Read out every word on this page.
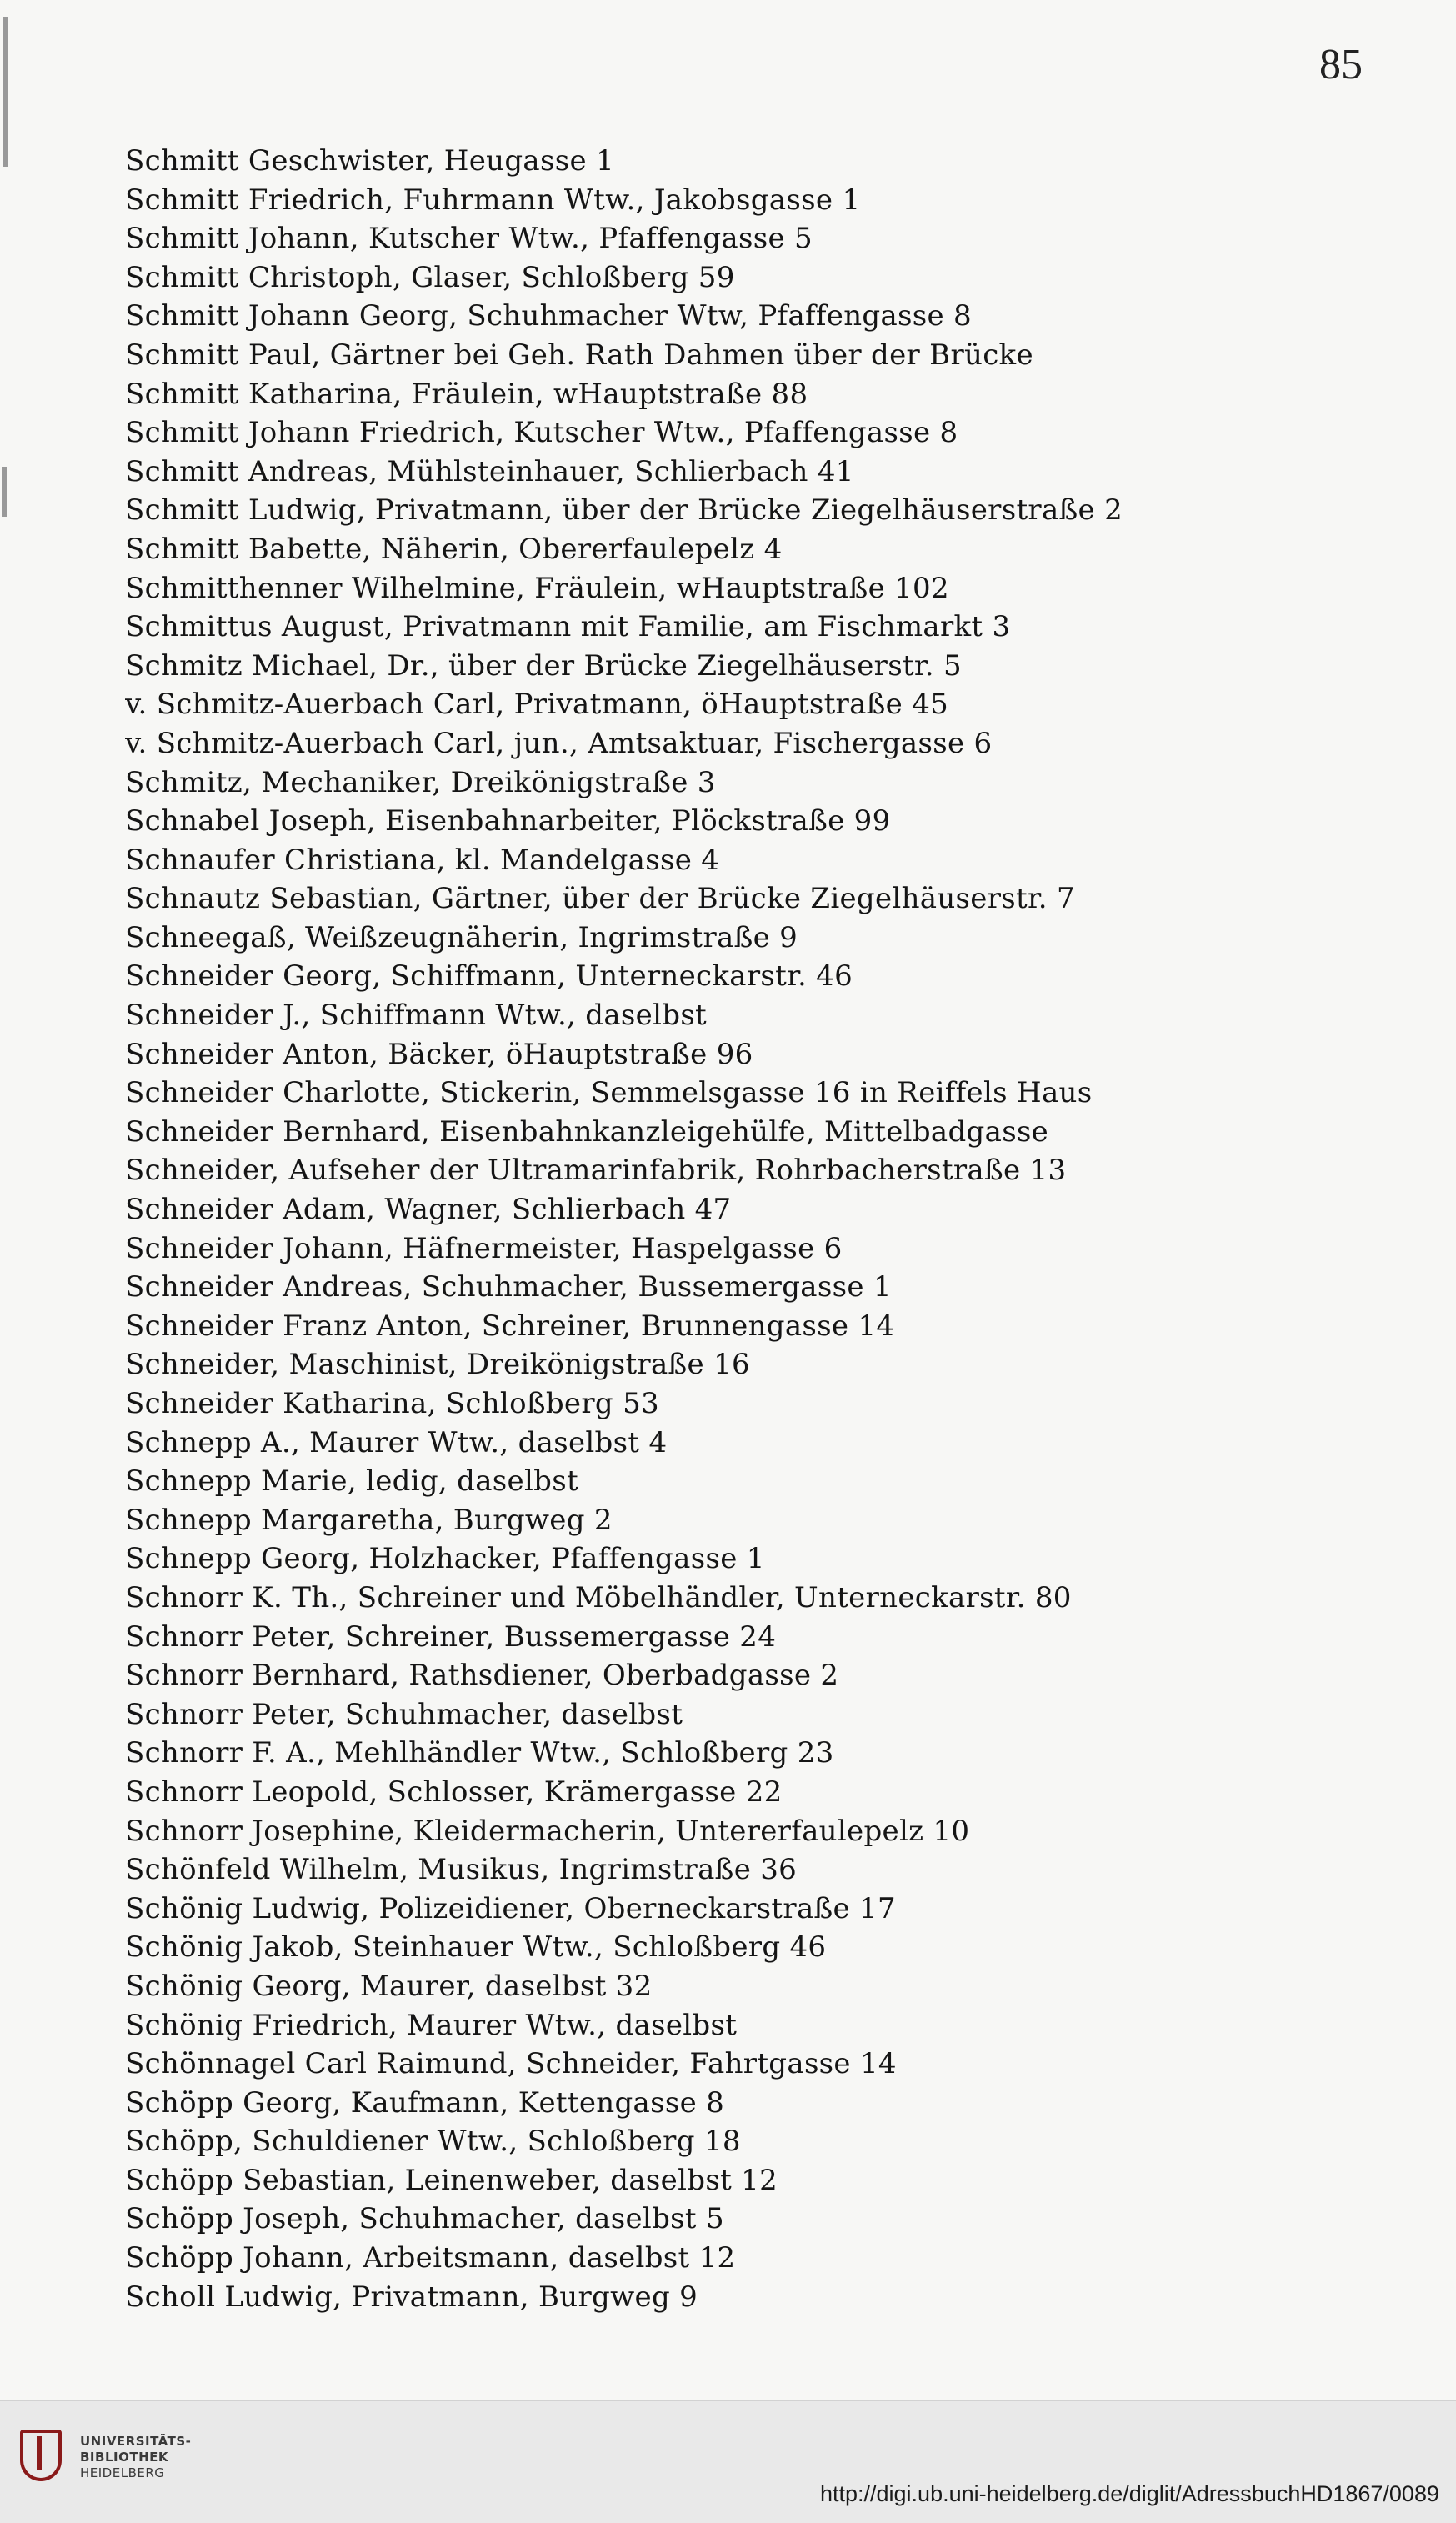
85
Schmitt Geschwister, Heugasse 1
Schmitt Friedrich, Fuhrmann Wtw., Jakobsgasse 1
Schmitt Johann, Kutscher Wtw., Pfaffengasse 5
Schmitt Christoph, Glaser, Schloßberg 59
Schmitt Johann Georg, Schuhmacher Wtw, Pfaffengasse 8
Schmitt Paul, Gärtner bei Geh. Rath Dahmen über der Brücke
Schmitt Katharina, Fräulein, wHauptstraße 88
Schmitt Johann Friedrich, Kutscher Wtw., Pfaffengasse 8
Schmitt Andreas, Mühlsteinhauer, Schlierbach 41
Schmitt Ludwig, Privatmann, über der Brücke Ziegelhäuserstraße 2
Schmitt Babette, Näherin, Obererfaulepelz 4
Schmitthenner Wilhelmine, Fräulein, wHauptstraße 102
Schmittus August, Privatmann mit Familie, am Fischmarkt 3
Schmitz Michael, Dr., über der Brücke Ziegelhäuserstr. 5
v. Schmitz-Auerbach Carl, Privatmann, öHauptstraße 45
v. Schmitz-Auerbach Carl, jun., Amtsaktuar, Fischergasse 6
Schmitz, Mechaniker, Dreikönigstraße 3
Schnabel Joseph, Eisenbahnarbeiter, Plöckstraße 99
Schnaufer Christiana, kl. Mandelgasse 4
Schnautz Sebastian, Gärtner, über der Brücke Ziegelhäuserstr. 7
Schneegaß, Weißzeugnäherin, Ingrimstraße 9
Schneider Georg, Schiffmann, Unterneckarstr. 46
Schneider J., Schiffmann Wtw., daselbst
Schneider Anton, Bäcker, öHauptstraße 96
Schneider Charlotte, Stickerin, Semmelsgasse 16 in Reiffels Haus
Schneider Bernhard, Eisenbahnkanzleigehülfe, Mittelbadgasse
Schneider, Aufseher der Ultramarinfabrik, Rohrbacherstraße 13
Schneider Adam, Wagner, Schlierbach 47
Schneider Johann, Häfnermeister, Haspelgasse 6
Schneider Andreas, Schuhmacher, Bussemergasse 1
Schneider Franz Anton, Schreiner, Brunnengasse 14
Schneider, Maschinist, Dreikönigstraße 16
Schneider Katharina, Schloßberg 53
Schnepp A., Maurer Wtw., daselbst 4
Schnepp Marie, ledig, daselbst
Schnepp Margaretha, Burgweg 2
Schnepp Georg, Holzhacker, Pfaffengasse 1
Schnorr K. Th., Schreiner und Möbelhändler, Unterneckarstr. 80
Schnorr Peter, Schreiner, Bussemergasse 24
Schnorr Bernhard, Rathsdiener, Oberbadgasse 2
Schnorr Peter, Schuhmacher, daselbst
Schnorr F. A., Mehlhändler Wtw., Schloßberg 23
Schnorr Leopold, Schlosser, Krämergasse 22
Schnorr Josephine, Kleidermacherin, Untererfaulepelz 10
Schönfeld Wilhelm, Musikus, Ingrimstraße 36
Schönig Ludwig, Polizeidiener, Oberneckarstraße 17
Schönig Jakob, Steinhauer Wtw., Schloßberg 46
Schönig Georg, Maurer, daselbst 32
Schönig Friedrich, Maurer Wtw., daselbst
Schönnagel Carl Raimund, Schneider, Fahrtgasse 14
Schöpp Georg, Kaufmann, Kettengasse 8
Schöpp, Schuldiener Wtw., Schloßberg 18
Schöpp Sebastian, Leinenweber, daselbst 12
Schöpp Joseph, Schuhmacher, daselbst 5
Schöpp Johann, Arbeitsmann, daselbst 12
Scholl Ludwig, Privatmann, Burgweg 9
UNIVERSITÄTS-
BIBLIOTHEK
HEIDELBERG
http://digi.ub.uni-heidelberg.de/diglit/AdressbuchHD1867/0089
